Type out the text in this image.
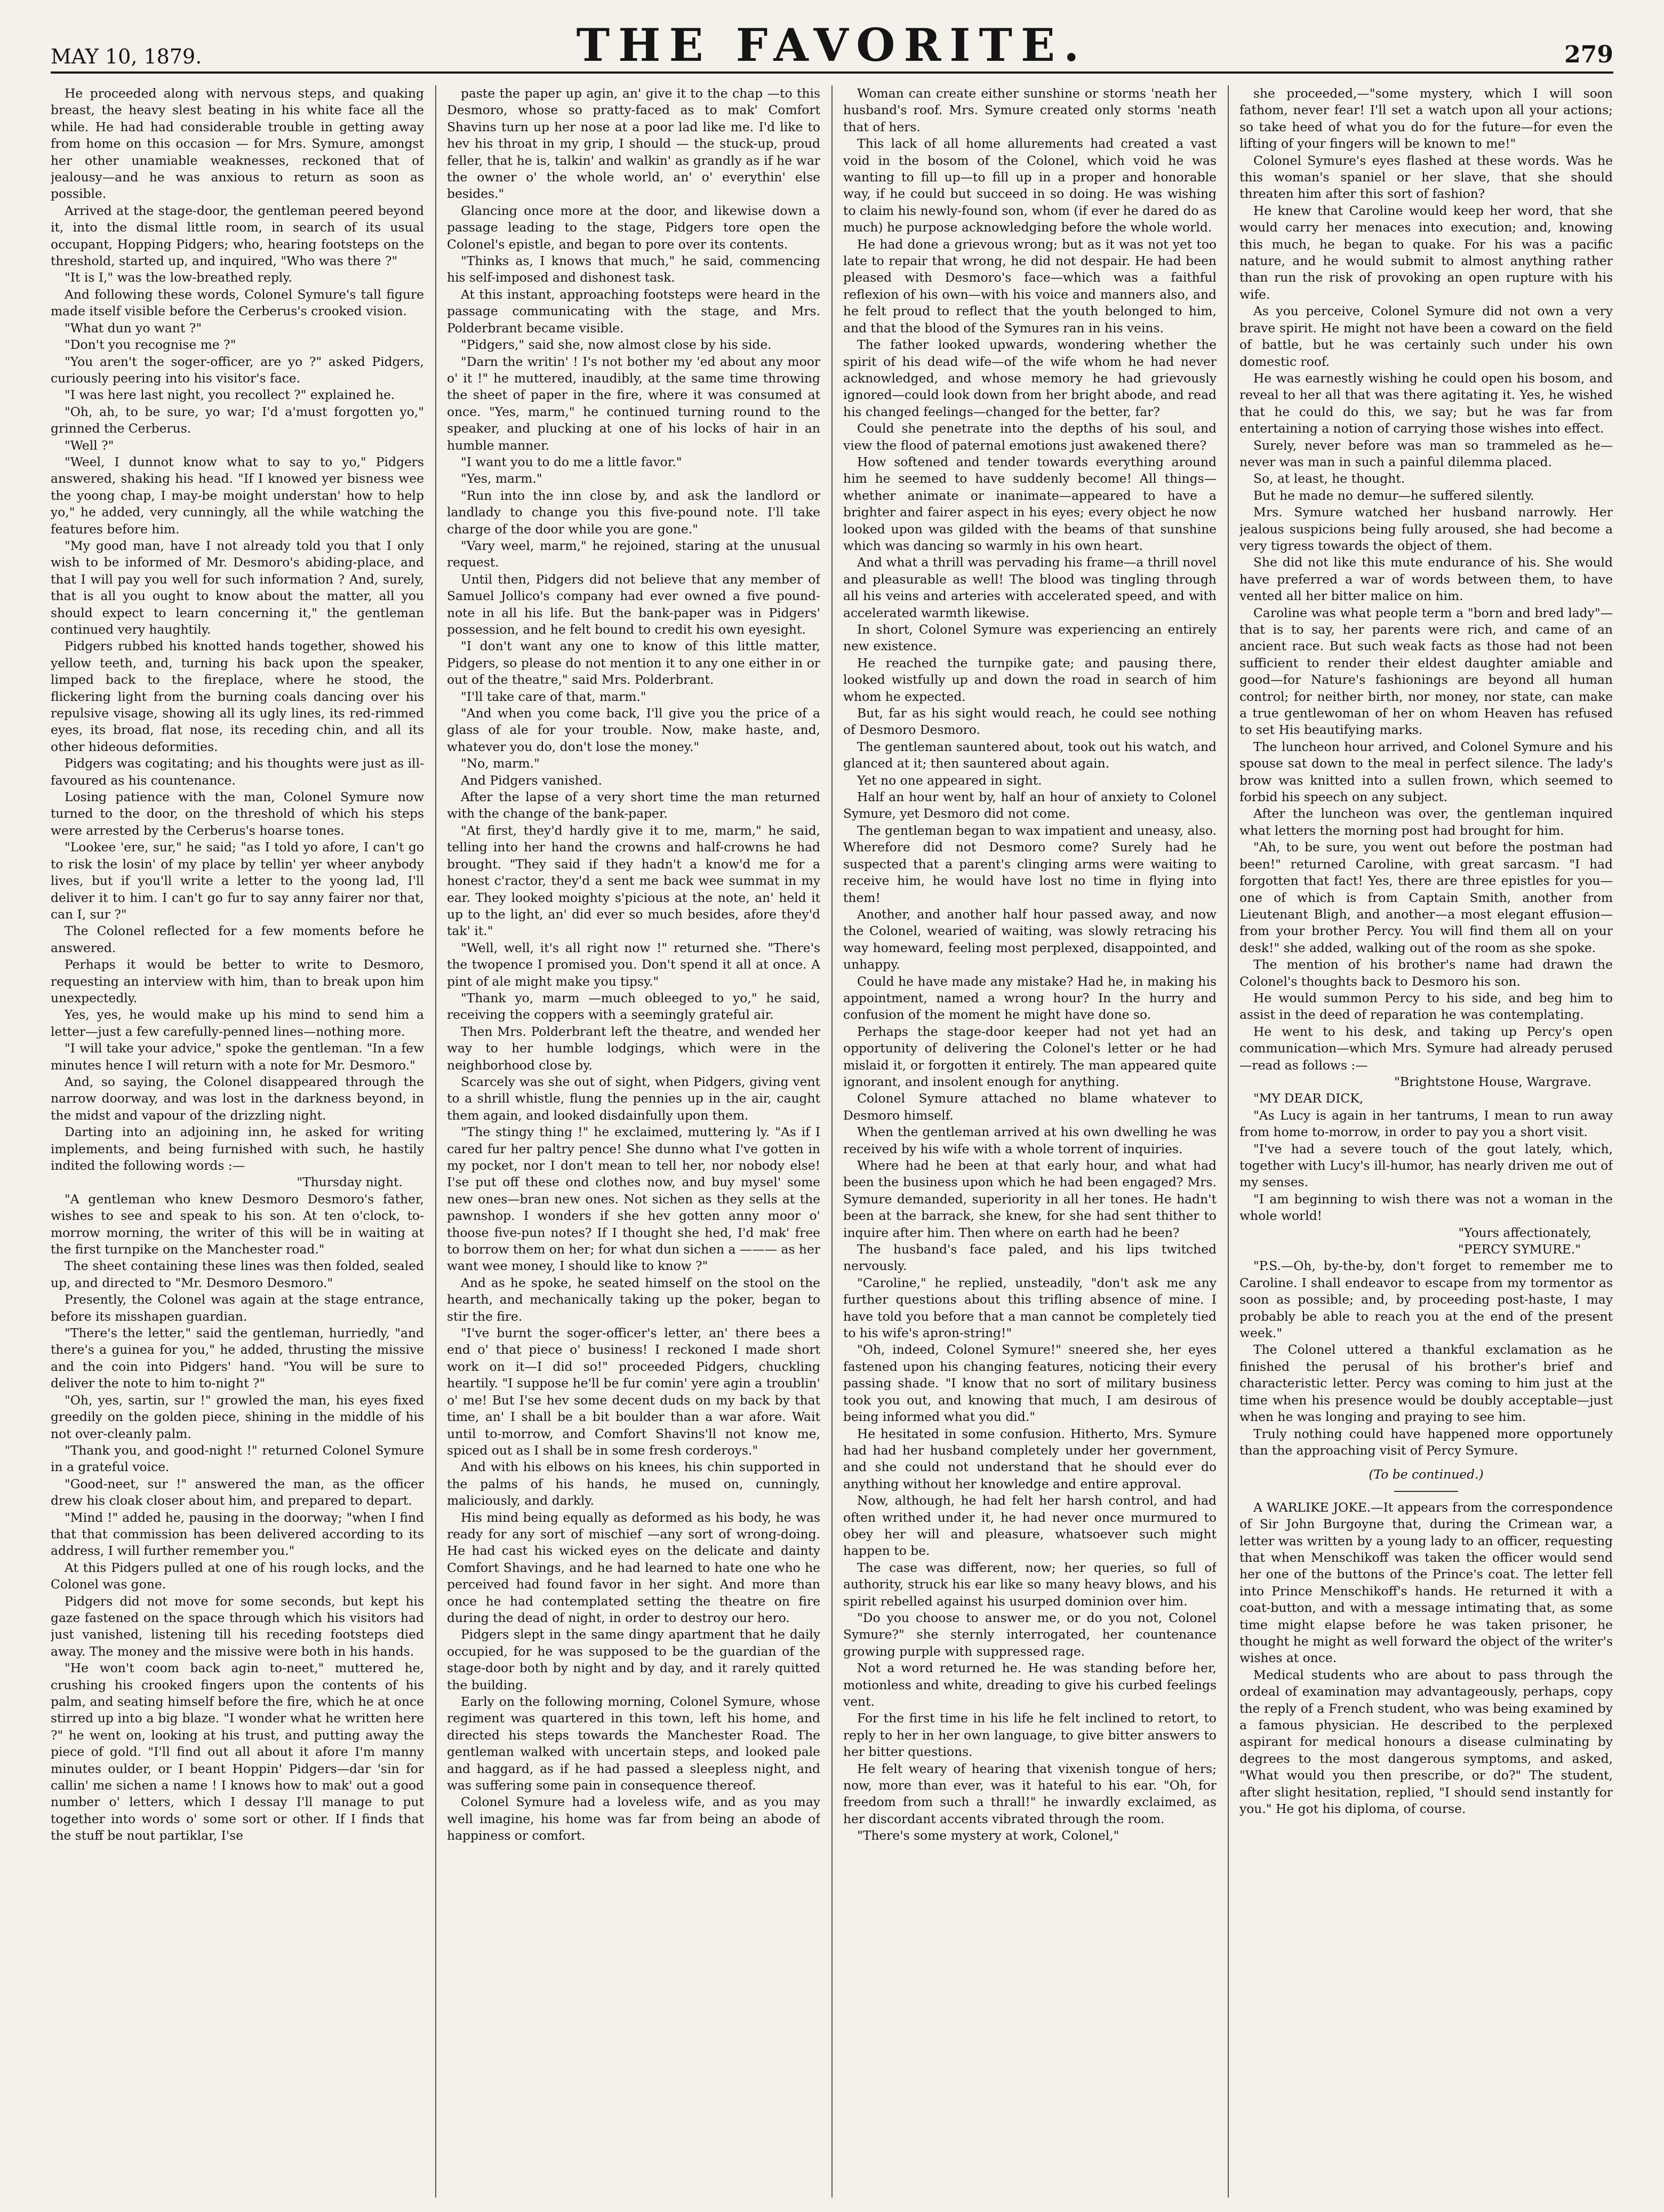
MAY 10, 1879.	THE FAVORITE.	279

He proceeded along with nervous steps, and quaking breast, the heavy slest beating in his white face all the while. He had had considerable trouble in getting away from home on this occasion — for Mrs. Symure, amongst her other unamiable weaknesses, reckoned that of jealousy—and he was anxious to return as soon as possible.

Arrived at the stage-door, the gentleman peered beyond it, into the dismal little room, in search of its usual occupant, Hopping Pidgers; who, hearing footsteps on the threshold, started up, and inquired, "Who was there ?"

"It is I," was the low-breathed reply.

And following these words, Colonel Symure's tall figure made itself visible before the Cerberus's crooked vision.

"What dun yo want ?"

"Don't you recognise me ?"

"You aren't the soger-officer, are yo ?" asked Pidgers, curiously peering into his visitor's face.

"I was here last night, you recollect ?" explained he.

"Oh, ah, to be sure, yo war; I'd a'must forgotten yo," grinned the Cerberus.

"Well ?"

"Weel, I dunnot know what to say to yo," Pidgers answered, shaking his head. "If I knowed yer bisness wee the yoong chap, I may-be moight understan' how to help yo," he added, very cunningly, all the while watching the features before him.

"My good man, have I not already told you that I only wish to be informed of Mr. Desmoro's abiding-place, and that I will pay you well for such information ? And, surely, that is all you ought to know about the matter, all you should expect to learn concerning it," the gentleman continued very haughtily.

Pidgers rubbed his knotted hands together, showed his yellow teeth, and, turning his back upon the speaker, limped back to the fireplace, where he stood, the flickering light from the burning coals dancing over his repulsive visage, showing all its ugly lines, its red-rimmed eyes, its broad, flat nose, its receding chin, and all its other hideous deformities.

Pidgers was cogitating; and his thoughts were just as ill-favoured as his countenance.

Losing patience with the man, Colonel Symure now turned to the door, on the threshold of which his steps were arrested by the Cerberus's hoarse tones.

"Lookee 'ere, sur," he said; "as I told yo afore, I can't go to risk the losin' of my place by tellin' yer wheer anybody lives, but if you'll write a letter to the yoong lad, I'll deliver it to him. I can't go fur to say anny fairer nor that, can I, sur ?"

The Colonel reflected for a few moments before he answered.

Perhaps it would be better to write to Desmoro, requesting an interview with him, than to break upon him unexpectedly.

Yes, yes, he would make up his mind to send him a letter—just a few carefully-penned lines—nothing more.

"I will take your advice," spoke the gentleman. "In a few minutes hence I will return with a note for Mr. Desmoro."

And, so saying, the Colonel disappeared through the narrow doorway, and was lost in the darkness beyond, in the midst and vapour of the drizzling night.

Darting into an adjoining inn, he asked for writing implements, and being furnished with such, he hastily indited the following words :—

"Thursday night.

"A gentleman who knew Desmoro Desmoro's father, wishes to see and speak to his son. At ten o'clock, to-morrow morning, the writer of this will be in waiting at the first turnpike on the Manchester road."

The sheet containing these lines was then folded, sealed up, and directed to "Mr. Desmoro Desmoro."

Presently, the Colonel was again at the stage entrance, before its misshapen guardian.

"There's the letter," said the gentleman, hurriedly, "and there's a guinea for you," he added, thrusting the missive and the coin into Pidgers' hand. "You will be sure to deliver the note to him to-night ?"

"Oh, yes, sartin, sur !" growled the man, his eyes fixed greedily on the golden piece, shining in the middle of his not over-cleanly palm.

"Thank you, and good-night !" returned Colonel Symure in a grateful voice.

"Good-neet, sur !" answered the man, as the officer drew his cloak closer about him, and prepared to depart.

"Mind !" added he, pausing in the doorway; "when I find that that commission has been delivered according to its address, I will further remember you."

At this Pidgers pulled at one of his rough locks, and the Colonel was gone.

Pidgers did not move for some seconds, but kept his gaze fastened on the space through which his visitors had just vanished, listening till his receding footsteps died away. The money and the missive were both in his hands.

"He won't coom back agin to-neet," muttered he, crushing his crooked fingers upon the contents of his palm, and seating himself before the fire, which he at once stirred up into a big blaze. "I wonder what he written here ?" he went on, looking at his trust, and putting away the piece of gold. "I'll find out all about it afore I'm manny minutes oulder, or I beant Hoppin' Pidgers—dar 'sin for callin' me sichen a name ! I knows how to mak' out a good number o' letters, which I dessay I'll manage to put together into words o' some sort or other. If I finds that the stuff be nout partiklar, I'se

paste the paper up agin, an' give it to the chap —to this Desmoro, whose so pratty-faced as to mak' Comfort Shavins turn up her nose at a poor lad like me. I'd like to hev his throat in my grip, I should — the stuck-up, proud feller, that he is, talkin' and walkin' as grandly as if he war the owner o' the whole world, an' o' everythin' else besides."

Glancing once more at the door, and likewise down a passage leading to the stage, Pidgers tore open the Colonel's epistle, and began to pore over its contents.

"Thinks as, I knows that much," he said, commencing his self-imposed and dishonest task.

At this instant, approaching footsteps were heard in the passage communicating with the stage, and Mrs. Polderbrant became visible.

"Pidgers," said she, now almost close by his side.

"Darn the writin' ! I's not bother my 'ed about any moor o' it !" he muttered, inaudibly, at the same time throwing the sheet of paper in the fire, where it was consumed at once. "Yes, marm," he continued turning round to the speaker, and plucking at one of his locks of hair in an humble manner.

"I want you to do me a little favor."

"Yes, marm."

"Run into the inn close by, and ask the landlord or landlady to change you this five-pound note. I'll take charge of the door while you are gone."

"Vary weel, marm," he rejoined, staring at the unusual request.

Until then, Pidgers did not believe that any member of Samuel Jollico's company had ever owned a five pound-note in all his life. But the bank-paper was in Pidgers' possession, and he felt bound to credit his own eyesight.

"I don't want any one to know of this little matter, Pidgers, so please do not mention it to any one either in or out of the theatre," said Mrs. Polderbrant.

"I'll take care of that, marm."

"And when you come back, I'll give you the price of a glass of ale for your trouble. Now, make haste, and, whatever you do, don't lose the money."

"No, marm."

And Pidgers vanished.

After the lapse of a very short time the man returned with the change of the bank-paper.

"At first, they'd hardly give it to me, marm," he said, telling into her hand the crowns and half-crowns he had brought. "They said if they hadn't a know'd me for a honest c'ractor, they'd a sent me back wee summat in my ear. They looked moighty s'picious at the note, an' held it up to the light, an' did ever so much besides, afore they'd tak' it."

"Well, well, it's all right now !" returned she. "There's the twopence I promised you. Don't spend it all at once. A pint of ale might make you tipsy."

"Thank yo, marm —much obleeged to yo," he said, receiving the coppers with a seemingly grateful air.

Then Mrs. Polderbrant left the theatre, and wended her way to her humble lodgings, which were in the neighborhood close by.

Scarcely was she out of sight, when Pidgers, giving vent to a shrill whistle, flung the pennies up in the air, caught them again, and looked disdainfully upon them.

"The stingy thing !" he exclaimed, muttering ly. "As if I cared fur her paltry pence! She dunno what I've gotten in my pocket, nor I don't mean to tell her, nor nobody else! I'se put off these ond clothes now, and buy mysel' some new ones—bran new ones. Not sichen as they sells at the pawnshop. I wonders if she hev gotten anny moor o' thoose five-pun notes? If I thought she hed, I'd mak' free to borrow them on her; for what dun sichen a ——— as her want wee money, I should like to know ?"

And as he spoke, he seated himself on the stool on the hearth, and mechanically taking up the poker, began to stir the fire.

"I've burnt the soger-officer's letter, an' there bees a end o' that piece o' business! I reckoned I made short work on it—I did so!" proceeded Pidgers, chuckling heartily. "I suppose he'll be fur comin' yere agin a troublin' o' me! But I'se hev some decent duds on my back by that time, an' I shall be a bit boulder than a war afore. Wait until to-morrow, and Comfort Shavins'll not know me, spiced out as I shall be in some fresh corderoys."

And with his elbows on his knees, his chin supported in the palms of his hands, he mused on, cunningly, maliciously, and darkly.

His mind being equally as deformed as his body, he was ready for any sort of mischief —any sort of wrong-doing. He had cast his wicked eyes on the delicate and dainty Comfort Shavings, and he had learned to hate one who he perceived had found favor in her sight. And more than once he had contemplated setting the theatre on fire during the dead of night, in order to destroy our hero.

Pidgers slept in the same dingy apartment that he daily occupied, for he was supposed to be the guardian of the stage-door both by night and by day, and it rarely quitted the building.

Early on the following morning, Colonel Symure, whose regiment was quartered in this town, left his home, and directed his steps towards the Manchester Road. The gentleman walked with uncertain steps, and looked pale and haggard, as if he had passed a sleepless night, and was suffering some pain in consequence thereof.

Colonel Symure had a loveless wife, and as you may well imagine, his home was far from being an abode of happiness or comfort.

Woman can create either sunshine or storms 'neath her husband's roof. Mrs. Symure created only storms 'neath that of hers.

This lack of all home allurements had created a vast void in the bosom of the Colonel, which void he was wanting to fill up—to fill up in a proper and honorable way, if he could but succeed in so doing. He was wishing to claim his newly-found son, whom (if ever he dared do as much) he purpose acknowledging before the whole world.

He had done a grievous wrong; but as it was not yet too late to repair that wrong, he did not despair. He had been pleased with Desmoro's face—which was a faithful reflexion of his own—with his voice and manners also, and he felt proud to reflect that the youth belonged to him, and that the blood of the Symures ran in his veins.

The father looked upwards, wondering whether the spirit of his dead wife—of the wife whom he had never acknowledged, and whose memory he had grievously ignored—could look down from her bright abode, and read his changed feelings—changed for the better, far?

Could she penetrate into the depths of his soul, and view the flood of paternal emotions just awakened there?

How softened and tender towards everything around him he seemed to have suddenly become! All things—whether animate or inanimate—appeared to have a brighter and fairer aspect in his eyes; every object he now looked upon was gilded with the beams of that sunshine which was dancing so warmly in his own heart.

And what a thrill was pervading his frame—a thrill novel and pleasurable as well! The blood was tingling through all his veins and arteries with accelerated speed, and with accelerated warmth likewise.

In short, Colonel Symure was experiencing an entirely new existence.

He reached the turnpike gate; and pausing there, looked wistfully up and down the road in search of him whom he expected.

But, far as his sight would reach, he could see nothing of Desmoro Desmoro.

The gentleman sauntered about, took out his watch, and glanced at it; then sauntered about again.

Yet no one appeared in sight.

Half an hour went by, half an hour of anxiety to Colonel Symure, yet Desmoro did not come.

The gentleman began to wax impatient and uneasy, also. Wherefore did not Desmoro come? Surely had he suspected that a parent's clinging arms were waiting to receive him, he would have lost no time in flying into them!

Another, and another half hour passed away, and now the Colonel, wearied of waiting, was slowly retracing his way homeward, feeling most perplexed, disappointed, and unhappy.

Could he have made any mistake? Had he, in making his appointment, named a wrong hour? In the hurry and confusion of the moment he might have done so.

Perhaps the stage-door keeper had not yet had an opportunity of delivering the Colonel's letter or he had mislaid it, or forgotten it entirely. The man appeared quite ignorant, and insolent enough for anything.

Colonel Symure attached no blame whatever to Desmoro himself.

When the gentleman arrived at his own dwelling he was received by his wife with a whole torrent of inquiries.

Where had he been at that early hour, and what had been the business upon which he had been engaged? Mrs. Symure demanded, superiority in all her tones. He hadn't been at the barrack, she knew, for she had sent thither to inquire after him. Then where on earth had he been?

The husband's face paled, and his lips twitched nervously.

"Caroline," he replied, unsteadily, "don't ask me any further questions about this trifling absence of mine. I have told you before that a man cannot be completely tied to his wife's apron-string!"

"Oh, indeed, Colonel Symure!" sneered she, her eyes fastened upon his changing features, noticing their every passing shade. "I know that no sort of military business took you out, and knowing that much, I am desirous of being informed what you did."

He hesitated in some confusion. Hitherto, Mrs. Symure had had her husband completely under her government, and she could not understand that he should ever do anything without her knowledge and entire approval.

Now, although, he had felt her harsh control, and had often writhed under it, he had never once murmured to obey her will and pleasure, whatsoever such might happen to be.

The case was different, now; her queries, so full of authority, struck his ear like so many heavy blows, and his spirit rebelled against his usurped dominion over him.

"Do you choose to answer me, or do you not, Colonel Symure?" she sternly interrogated, her countenance growing purple with suppressed rage.

Not a word returned he. He was standing before her, motionless and white, dreading to give his curbed feelings vent.

For the first time in his life he felt inclined to retort, to reply to her in her own language, to give bitter answers to her bitter questions.

He felt weary of hearing that vixenish tongue of hers; now, more than ever, was it hateful to his ear. "Oh, for freedom from such a thrall!" he inwardly exclaimed, as her discordant accents vibrated through the room.

"There's some mystery at work, Colonel,"

she proceeded,—"some mystery, which I will soon fathom, never fear! I'll set a watch upon all your actions; so take heed of what you do for the future—for even the lifting of your fingers will be known to me!"

Colonel Symure's eyes flashed at these words. Was he this woman's spaniel or her slave, that she should threaten him after this sort of fashion?

He knew that Caroline would keep her word, that she would carry her menaces into execution; and, knowing this much, he began to quake. For his was a pacific nature, and he would submit to almost anything rather than run the risk of provoking an open rupture with his wife.

As you perceive, Colonel Symure did not own a very brave spirit. He might not have been a coward on the field of battle, but he was certainly such under his own domestic roof.

He was earnestly wishing he could open his bosom, and reveal to her all that was there agitating it. Yes, he wished that he could do this, we say; but he was far from entertaining a notion of carrying those wishes into effect.

Surely, never before was man so trammeled as he—never was man in such a painful dilemma placed.

So, at least, he thought.

But he made no demur—he suffered silently.

Mrs. Symure watched her husband narrowly. Her jealous suspicions being fully aroused, she had become a very tigress towards the object of them.

She did not like this mute endurance of his. She would have preferred a war of words between them, to have vented all her bitter malice on him.

Caroline was what people term a "born and bred lady"—that is to say, her parents were rich, and came of an ancient race. But such weak facts as those had not been sufficient to render their eldest daughter amiable and good—for Nature's fashionings are beyond all human control; for neither birth, nor money, nor state, can make a true gentlewoman of her on whom Heaven has refused to set His beautifying marks.

The luncheon hour arrived, and Colonel Symure and his spouse sat down to the meal in perfect silence. The lady's brow was knitted into a sullen frown, which seemed to forbid his speech on any subject.

After the luncheon was over, the gentleman inquired what letters the morning post had brought for him.

"Ah, to be sure, you went out before the postman had been!" returned Caroline, with great sarcasm. "I had forgotten that fact! Yes, there are three epistles for you—one of which is from Captain Smith, another from Lieutenant Bligh, and another—a most elegant effusion—from your brother Percy. You will find them all on your desk!" she added, walking out of the room as she spoke.

The mention of his brother's name had drawn the Colonel's thoughts back to Desmoro his son.

He would summon Percy to his side, and beg him to assist in the deed of reparation he was contemplating.

He went to his desk, and taking up Percy's open communication—which Mrs. Symure had already perused—read as follows :—

"Brightstone House, Wargrave.

"MY DEAR DICK,

"As Lucy is again in her tantrums, I mean to run away from home to-morrow, in order to pay you a short visit.

"I've had a severe touch of the gout lately, which, together with Lucy's ill-humor, has nearly driven me out of my senses.

"I am beginning to wish there was not a woman in the whole world!

"Yours affectionately,

"PERCY SYMURE."

"P.S.—Oh, by-the-by, don't forget to remember me to Caroline. I shall endeavor to escape from my tormentor as soon as possible; and, by proceeding post-haste, I may probably be able to reach you at the end of the present week."

The Colonel uttered a thankful exclamation as he finished the perusal of his brother's brief and characteristic letter. Percy was coming to him just at the time when his presence would be doubly acceptable—just when he was longing and praying to see him.

Truly nothing could have happened more opportunely than the approaching visit of Percy Symure.

(To be continued.)

A WARLIKE JOKE.—It appears from the correspondence of Sir John Burgoyne that, during the Crimean war, a letter was written by a young lady to an officer, requesting that when Menschikoff was taken the officer would send her one of the buttons of the Prince's coat. The letter fell into Prince Menschikoff's hands. He returned it with a coat-button, and with a message intimating that, as some time might elapse before he was taken prisoner, he thought he might as well forward the object of the writer's wishes at once.

Medical students who are about to pass through the ordeal of examination may advantageously, perhaps, copy the reply of a French student, who was being examined by a famous physician. He described to the perplexed aspirant for medical honours a disease culminating by degrees to the most dangerous symptoms, and asked, "What would you then prescribe, or do?" The student, after slight hesitation, replied, "I should send instantly for you." He got his diploma, of course.
